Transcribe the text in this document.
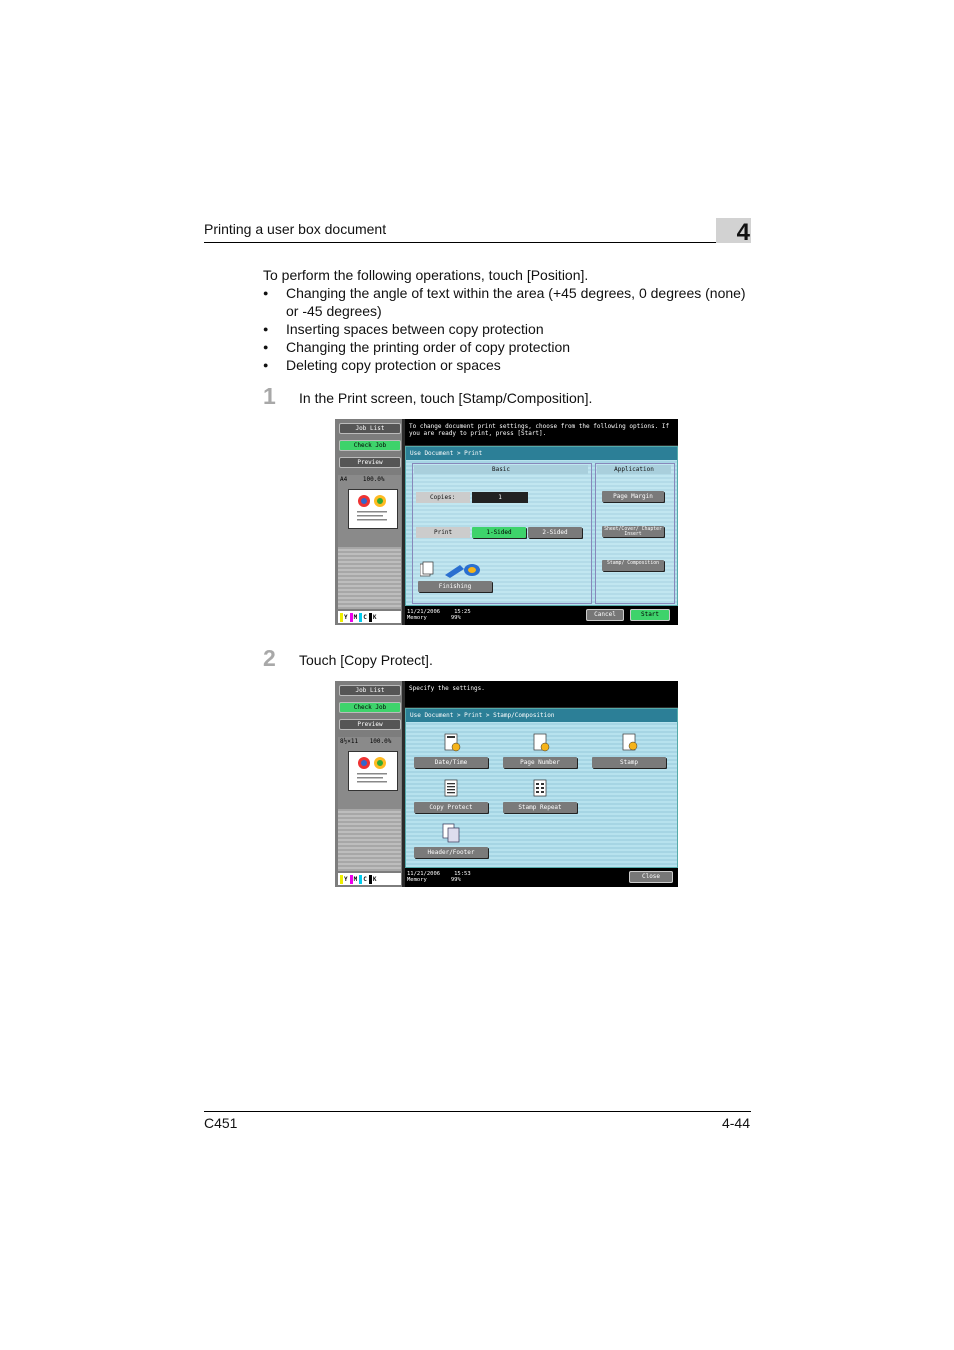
Printing a user box document	4
To perform the following operations, touch [Position].
● Changing the angle of text within the area (+45 degrees, 0 degrees (none) or -45 degrees)
● Inserting spaces between copy protection
● Changing the printing order of copy protection
● Deleting copy protection or spaces
1 In the Print screen, touch [Stamp/Composition].
Job List
Check Job
Preview
A4	100.0%
Y	M	C	K
To change document print settings, choose from the following options. If you are ready to print, press [Start].
Use Document > Print
Basic	Application
Copies:	1
Print	1-Sided	2-Sided
Finishing
Page Margin
Sheet/Cover/ Chapter Insert
Stamp/ Composition
11/21/2006	15:25
Memory	99%	Cancel	Start
2 Touch [Copy Protect].
Job List
Check Job
Preview
8½×11 100.0%
Y	M	C	K
Specify the settings.
Use Document > Print > Stamp/Composition
Date/Time	Page Number	Stamp
Copy Protect	Stamp Repeat
Header/Footer
11/21/2006	15:53
Memory	99%	Close
C451	4-44
